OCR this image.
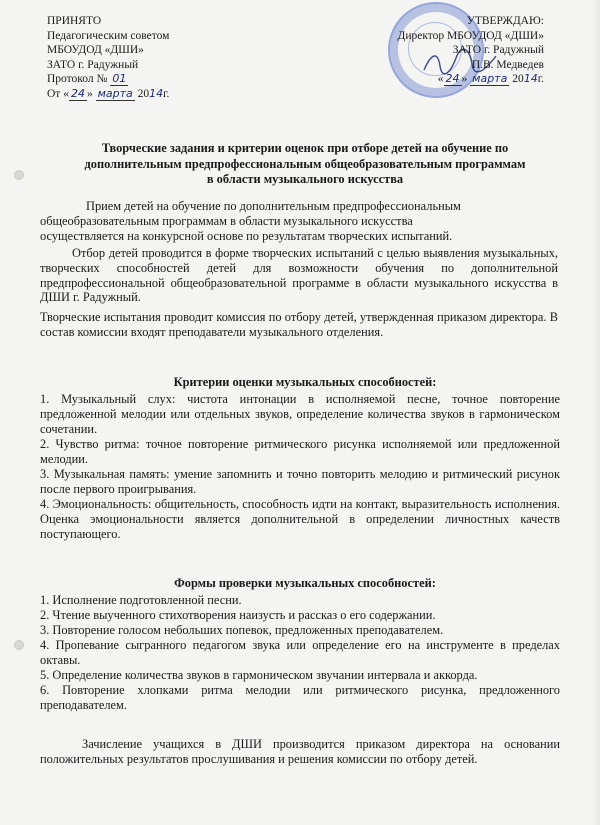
ПРИНЯТО
Педагогическим советом
МБОУДОД «ДШИ»
ЗАТО г. Радужный
Протокол № 01
От « 24 » марта 2014г.
УТВЕРЖДАЮ:
Директор МБОУДОД «ДШИ»
ЗАТО г. Радужный
П.В. Медведев
« 24 » марта 2014г.
Творческие задания и критерии оценок при отборе детей на обучение по
дополнительным предпрофессиональным общеобразовательным программам
в области музыкального искусства
Прием детей на обучение по дополнительным предпрофессиональным
общеобразовательным программам в области музыкального искусства
осуществляется на конкурсной основе по результатам творческих испытаний.
Отбор детей проводится в форме творческих испытаний с целью выявления музыкальных, творческих способностей детей для возможности обучения по дополнительной предпрофессиональной общеобразовательной программе в области музыкального искусства в ДШИ г. Радужный.
Творческие испытания проводит комиссия по отбору детей, утвержденная приказом директора. В состав комиссии входят преподаватели музыкального отделения.
Критерии оценки музыкальных способностей:
1. Музыкальный слух: чистота интонации в исполняемой песне, точное повторение предложенной мелодии или отдельных звуков, определение количества звуков в гармоническом сочетании.
2. Чувство ритма: точное повторение ритмического рисунка исполняемой или предложенной мелодии.
3. Музыкальная память: умение запомнить и точно повторить мелодию и ритмический рисунок после первого проигрывания.
4. Эмоциональность: общительность, способность идти на контакт, выразительность исполнения. Оценка эмоциональности является дополнительной в определении личностных качеств поступающего.
Формы проверки музыкальных способностей:
1. Исполнение подготовленной песни.
2. Чтение выученного стихотворения наизусть и рассказ о его содержании.
3. Повторение голосом небольших попевок, предложенных преподавателем.
4. Пропевание сыгранного педагогом звука или определение его на инструменте в пределах октавы.
5. Определение количества звуков в гармоническом звучании интервала и аккорда.
6. Повторение хлопками ритма мелодии или ритмического рисунка, предложенного преподавателем.
Зачисление учащихся в ДШИ производится приказом директора на основании положительных результатов прослушивания и решения комиссии по отбору детей.
